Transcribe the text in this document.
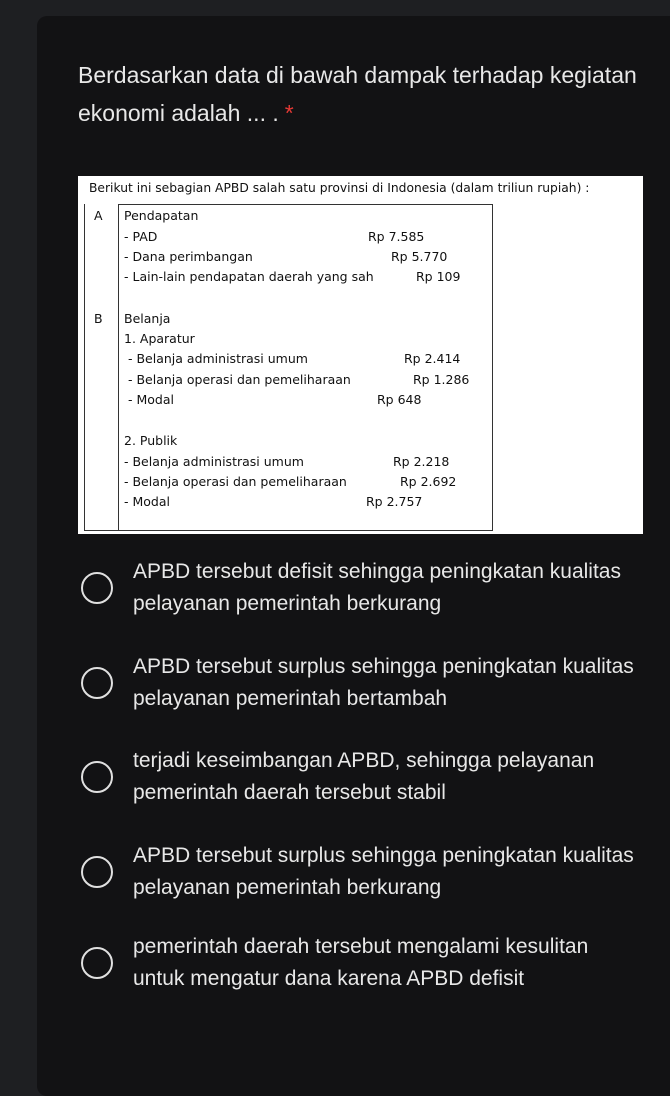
Berdasarkan data di bawah dampak terhadap kegiatan ekonomi adalah ... . *
Berikut ini sebagian APBD salah satu provinsi di Indonesia (dalam triliun rupiah) :
A Pendapatan
- PAD	Rp 7.585
- Dana perimbangan	Rp 5.770
- Lain-lain pendapatan daerah yang sah	Rp 109
B Belanja
1. Aparatur
- Belanja administrasi umum	Rp 2.414
- Belanja operasi dan pemeliharaan	Rp 1.286
- Modal	Rp 648
2. Publik
- Belanja administrasi umum	Rp 2.218
- Belanja operasi dan pemeliharaan	Rp 2.692
- Modal	Rp 2.757
APBD tersebut defisit sehingga peningkatan kualitas pelayanan pemerintah berkurang
APBD tersebut surplus sehingga peningkatan kualitas pelayanan pemerintah bertambah
terjadi keseimbangan APBD, sehingga pelayanan pemerintah daerah tersebut stabil
APBD tersebut surplus sehingga peningkatan kualitas pelayanan pemerintah berkurang
pemerintah daerah tersebut mengalami kesulitan untuk mengatur dana karena APBD defisit
